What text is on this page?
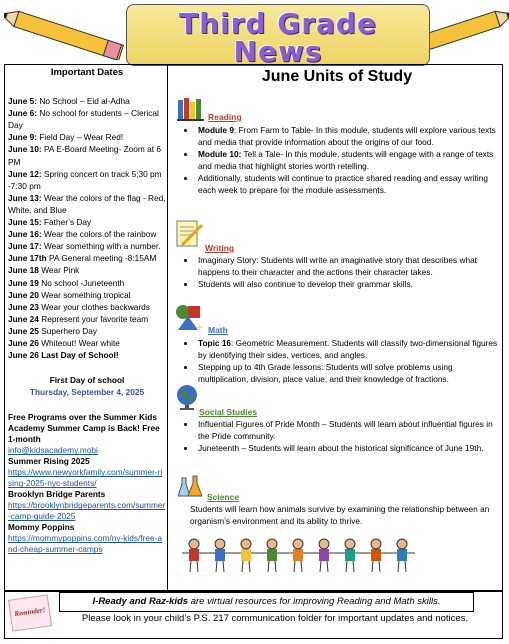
Third Grade
News
Important Dates
June 5: No School – Eid al-Adha
June 6: No school for students – Clerical Day
June 9: Field Day – Wear Red!
June 10: PA E-Board Meeting- Zoom at 6 PM
June 12: Spring concert on track 5:30 pm -7:30 pm
June 13: Wear the colors of the flag - Red, White, and Blue
June 15: Father’s Day
June 16: Wear the colors of the rainbow
June 17: Wear something with a number.
June 17th PA General meeting -8:15AM
June 18 Wear Pink
June 19 No school -Juneteenth
June 20 Wear something tropical
June 23 Wear your clothes backwards
June 24 Represent your favorite team
June 25 Superhero Day
June 26 Whiteout! Wear white
June 26 Last Day of School!
First Day of school
Thursday, September 4, 2025
Free Programs over the Summer Kids Academy Summer Camp is Back! Free 1-month
info@kidsacademy.mobi
Summer Rising 2025
https://www.newyorkfamily.com/summer-rising-2025-nyc-students/
Brooklyn Bridge Parents
https://brooklynbridgeparents.com/summer-camp-guide-2025
Mommy Poppins
https://mommypoppins.com/ny-kids/free-and-cheap-summer-camps
June Units of Study
Reading
• Module 9: From Farm to Table- In this module, students will explore various texts and media that provide information about the origins of our food.
• Module 10: Tell a Tale- In this module, students will engage with a range of texts and media that highlight stories worth retelling.
• Additionally, students will continue to practice shared reading and essay writing each week to prepare for the module assessments.
Writing
• Imaginary Story: Students will write an imaginative story that describes what happens to their character and the actions their character takes.
• Students will also continue to develop their grammar skills.
+ Math
• Topic 16: Geometric Measurement. Students will classify two-dimensional figures by identifying their sides, vertices, and angles.
• Stepping up to 4th Grade lessons: Students will solve problems using multiplication, division, place value, and their knowledge of fractions.
Social Studies
• Influential Figures of Pride Month – Students will learn about influential figures in the Pride community.
• Juneteenth – Students will learn about the historical significance of June 19th.
Science
Students will learn how animals survive by examining the relationship between an organism’s environment and its ability to thrive.
Reminder!
I-Ready and Raz-kids are virtual resources for improving Reading and Math skills.
Please look in your child’s P.S. 217 communication folder for important updates and notices.
